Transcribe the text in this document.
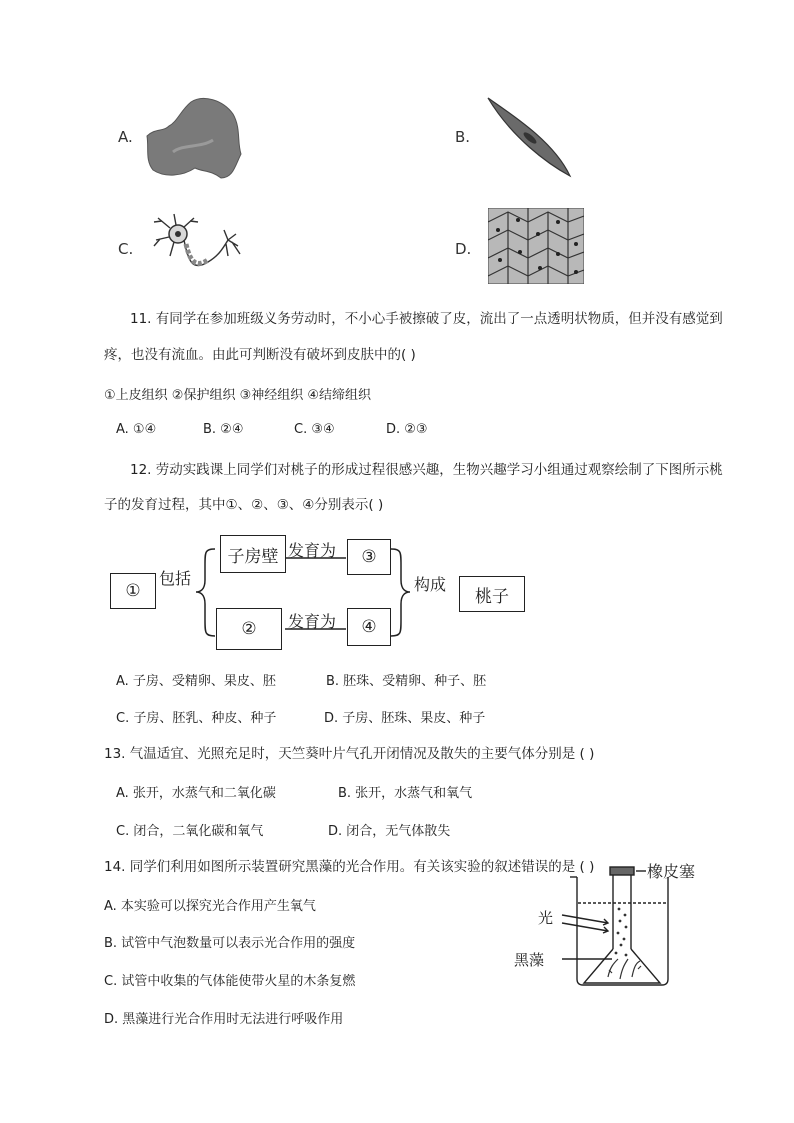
A.	B.
C.	D.
11. 有同学在参加班级义务劳动时，不小心手被擦破了皮，流出了一点透明状物质，但并没有感觉到
疼，也没有流血。由此可判断没有破坏到皮肤中的( )
①上皮组织 ②保护组织 ③神经组织 ④结缔组织
A. ①④	B. ②④	C. ③④	D. ②③
12. 劳动实践课上同学们对桃子的形成过程很感兴趣，生物兴趣学习小组通过观察绘制了下图所示桃
子的发育过程，其中①、②、③、④分别表示( )
①
包括
子房壁 发育为	③
②	发育为	④
构成
桃子
A. 子房、受精卵、果皮、胚	B. 胚珠、受精卵、种子、胚
C. 子房、胚乳、种皮、种子	D. 子房、胚珠、果皮、种子
13. 气温适宜、光照充足时，天竺葵叶片气孔开闭情况及散失的主要气体分别是 ( )
A. 张开，水蒸气和二氧化碳	B. 张开，水蒸气和氧气
C. 闭合，二氧化碳和氧气	D. 闭合，无气体散失
14. 同学们利用如图所示装置研究黑藻的光合作用。有关该实验的叙述错误的是 ( )
A. 本实验可以探究光合作用产生氧气
B. 试管中气泡数量可以表示光合作用的强度
C. 试管中收集的气体能使带火星的木条复燃
D. 黑藻进行光合作用时无法进行呼吸作用
橡皮塞
光
黑藻
